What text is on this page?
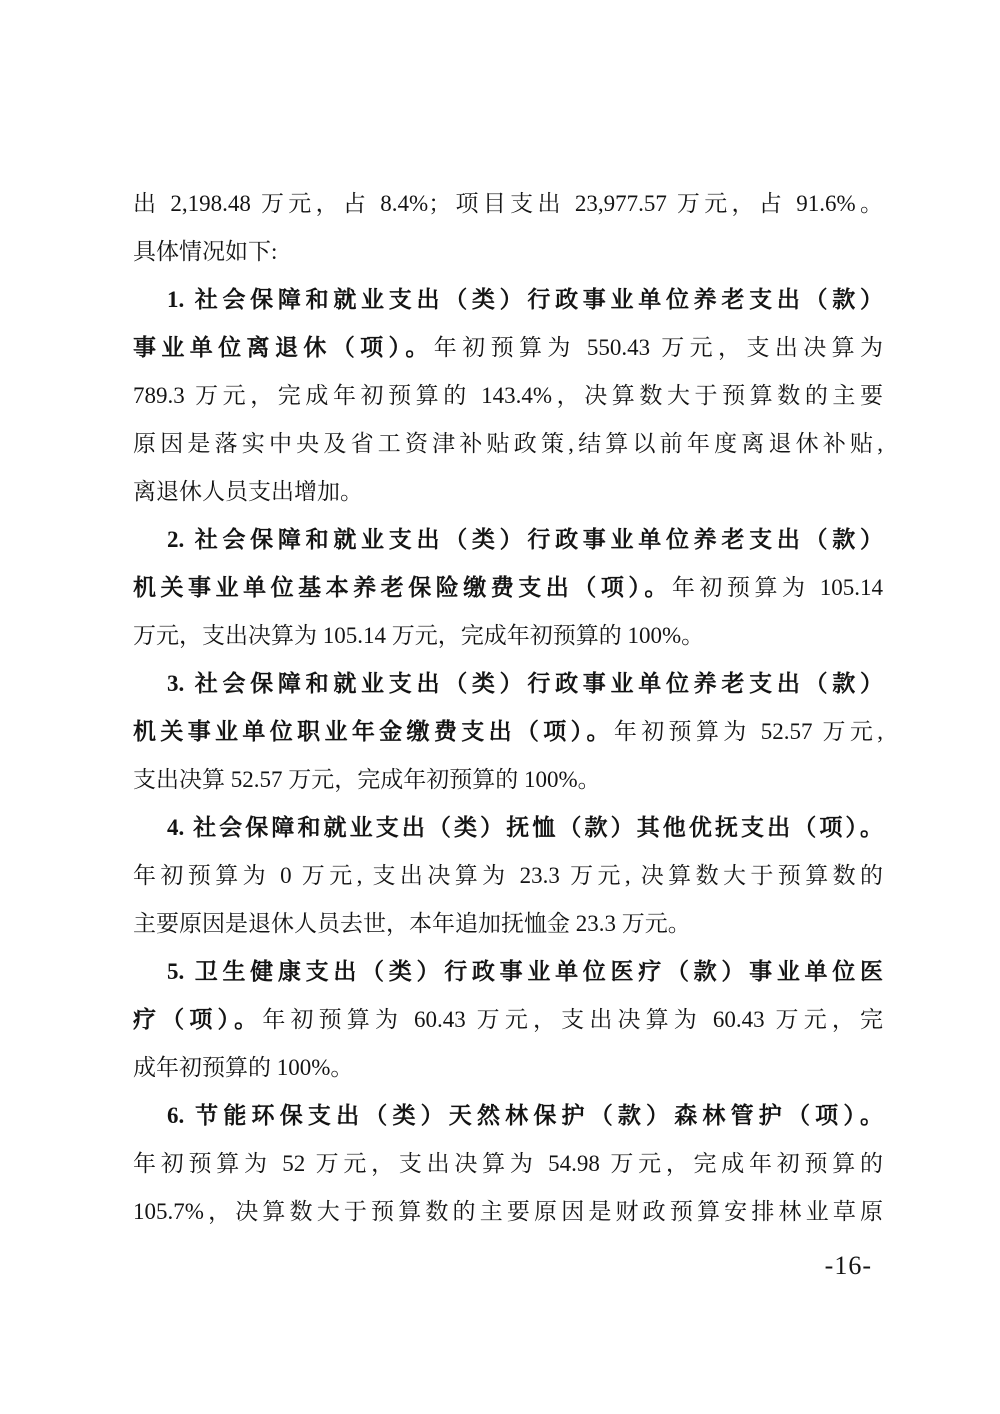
出 2,198.48 万元，占 8.4%；项目支出 23,977.57 万元，占 91.6%。
具体情况如下:
1. 社会保障和就业支出（类）行政事业单位养老支出（款）
事业单位离退休（项）。年初预算为 550.43 万元，支出决算为
789.3 万元，完成年初预算的 143.4%，决算数大于预算数的主要
原因是落实中央及省工资津补贴政策,结算以前年度离退休补贴,
离退休人员支出增加。
2. 社会保障和就业支出（类）行政事业单位养老支出（款）
机关事业单位基本养老保险缴费支出（项）。年初预算为 105.14
万元，支出决算为 105.14 万元，完成年初预算的 100%。
3. 社会保障和就业支出（类）行政事业单位养老支出（款）
机关事业单位职业年金缴费支出（项）。年初预算为 52.57 万元,
支出决算 52.57 万元，完成年初预算的 100%。
4. 社会保障和就业支出（类）抚恤（款）其他优抚支出（项）。
年初预算为 0 万元, 支出决算为 23.3 万元, 决算数大于预算数的
主要原因是退休人员去世，本年追加抚恤金 23.3 万元。
5. 卫生健康支出（类）行政事业单位医疗（款）事业单位医
疗（项）。年初预算为 60.43 万元，支出决算为 60.43 万元，完
成年初预算的 100%。
6. 节能环保支出（类）天然林保护（款）森林管护（项）。
年初预算为 52 万元，支出决算为 54.98 万元，完成年初预算的
105.7%，决算数大于预算数的主要原因是财政预算安排林业草原
-16-
